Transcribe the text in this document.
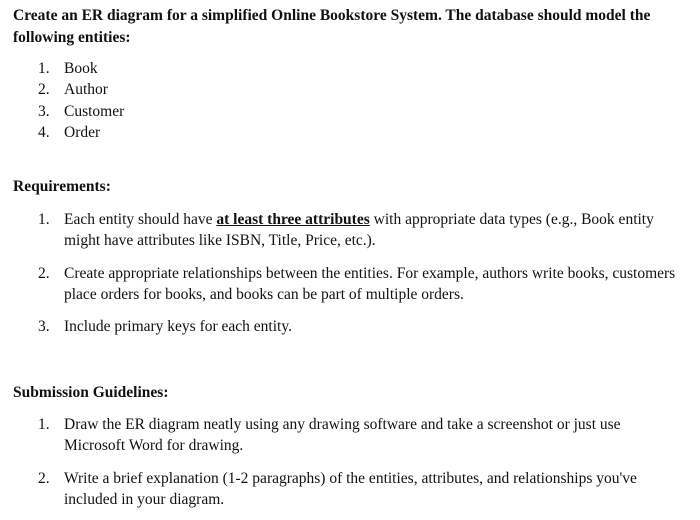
Create an ER diagram for a simplified Online Bookstore System. The database should model the following entities:
1. Book
2. Author
3. Customer
4. Order
Requirements:
1. Each entity should have at least three attributes with appropriate data types (e.g., Book entity might have attributes like ISBN, Title, Price, etc.).
2. Create appropriate relationships between the entities. For example, authors write books, customers place orders for books, and books can be part of multiple orders.
3. Include primary keys for each entity.
Submission Guidelines:
1. Draw the ER diagram neatly using any drawing software and take a screenshot or just use Microsoft Word for drawing.
2. Write a brief explanation (1-2 paragraphs) of the entities, attributes, and relationships you've included in your diagram.
